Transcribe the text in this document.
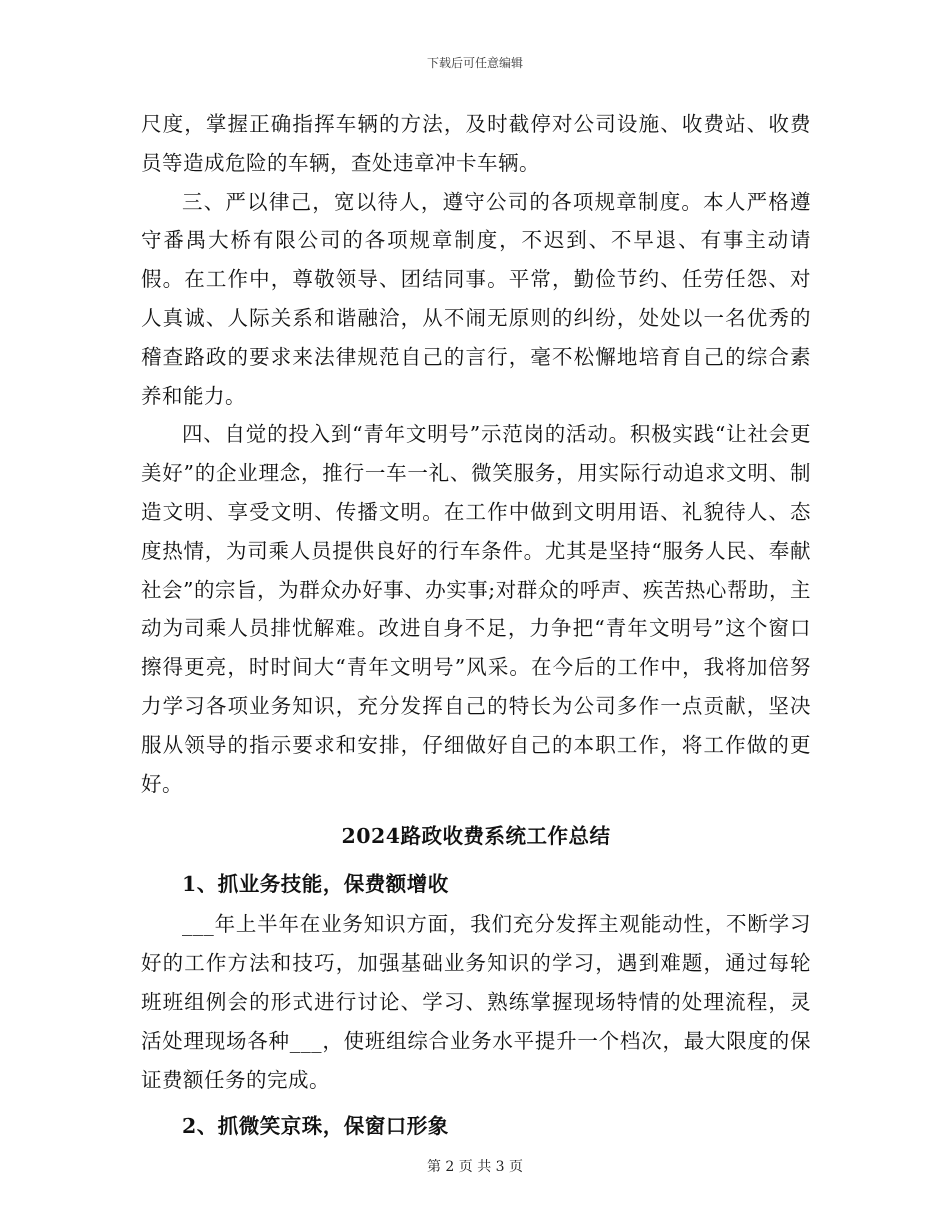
下载后可任意编辑

尺度，掌握正确指挥车辆的方法，及时截停对公司设施、收费站、收费员等造成危险的车辆，查处违章冲卡车辆。

三、严以律己，宽以待人，遵守公司的各项规章制度。本人严格遵守番禺大桥有限公司的各项规章制度，不迟到、不早退、有事主动请假。在工作中，尊敬领导、团结同事。平常，勤俭节约、任劳任怨、对人真诚、人际关系和谐融洽，从不闹无原则的纠纷，处处以一名优秀的稽查路政的要求来法律规范自己的言行，毫不松懈地培育自己的综合素养和能力。

四、自觉的投入到“青年文明号”示范岗的活动。积极实践“让社会更美好”的企业理念，推行一车一礼、微笑服务，用实际行动追求文明、制造文明、享受文明、传播文明。在工作中做到文明用语、礼貌待人、态度热情，为司乘人员提供良好的行车条件。尤其是坚持“服务人民、奉献社会”的宗旨，为群众办好事、办实事;对群众的呼声、疾苦热心帮助，主动为司乘人员排忧解难。改进自身不足，力争把“青年文明号”这个窗口擦得更亮，时时间大“青年文明号”风采。在今后的工作中，我将加倍努力学习各项业务知识，充分发挥自己的特长为公司多作一点贡献，坚决服从领导的指示要求和安排，仔细做好自己的本职工作，将工作做的更好。

2024路政收费系统工作总结
1、抓业务技能，保费额增收

___年上半年在业务知识方面，我们充分发挥主观能动性，不断学习好的工作方法和技巧，加强基础业务知识的学习，遇到难题，通过每轮班班组例会的形式进行讨论、学习、熟练掌握现场特情的处理流程，灵活处理现场各种___，使班组综合业务水平提升一个档次，最大限度的保证费额任务的完成。

2、抓微笑京珠，保窗口形象
第 2 页 共 3 页
